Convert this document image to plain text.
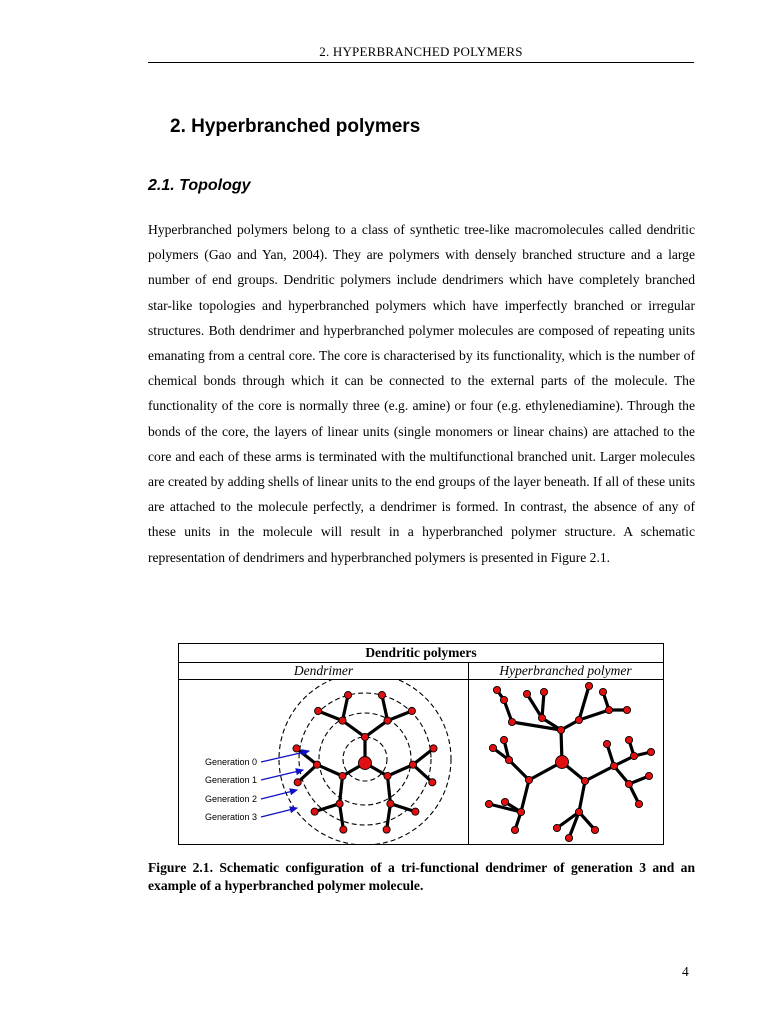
2. HYPERBRANCHED POLYMERS
2. Hyperbranched polymers
2.1. Topology

Hyperbranched polymers belong to a class of synthetic tree-like macromolecules called dendritic polymers (Gao and Yan, 2004). They are polymers with densely branched structure and a large number of end groups. Dendritic polymers include dendrimers which have completely branched star-like topologies and hyperbranched polymers which have imperfectly branched or irregular structures. Both dendrimer and hyperbranched polymer molecules are composed of repeating units emanating from a central core. The core is characterised by its functionality, which is the number of chemical bonds through which it can be connected to the external parts of the molecule. The functionality of the core is normally three (e.g. amine) or four (e.g. ethylenediamine). Through the bonds of the core, the layers of linear units (single monomers or linear chains) are attached to the core and each of these arms is terminated with the multifunctional branched unit. Larger molecules are created by adding shells of linear units to the end groups of the layer beneath. If all of these units are attached to the molecule perfectly, a dendrimer is formed. In contrast, the absence of any of these units in the molecule will result in a hyperbranched polymer structure. A schematic representation of dendrimers and hyperbranched polymers is presented in Figure 2.1.

Dendritic polymers
Dendrimer	Hyperbranched polymer
Generation 0
Generation 1
Generation 2
Generation 3

Figure 2.1. Schematic configuration of a tri-functional dendrimer of generation 3 and an example of a hyperbranched polymer molecule.

4
